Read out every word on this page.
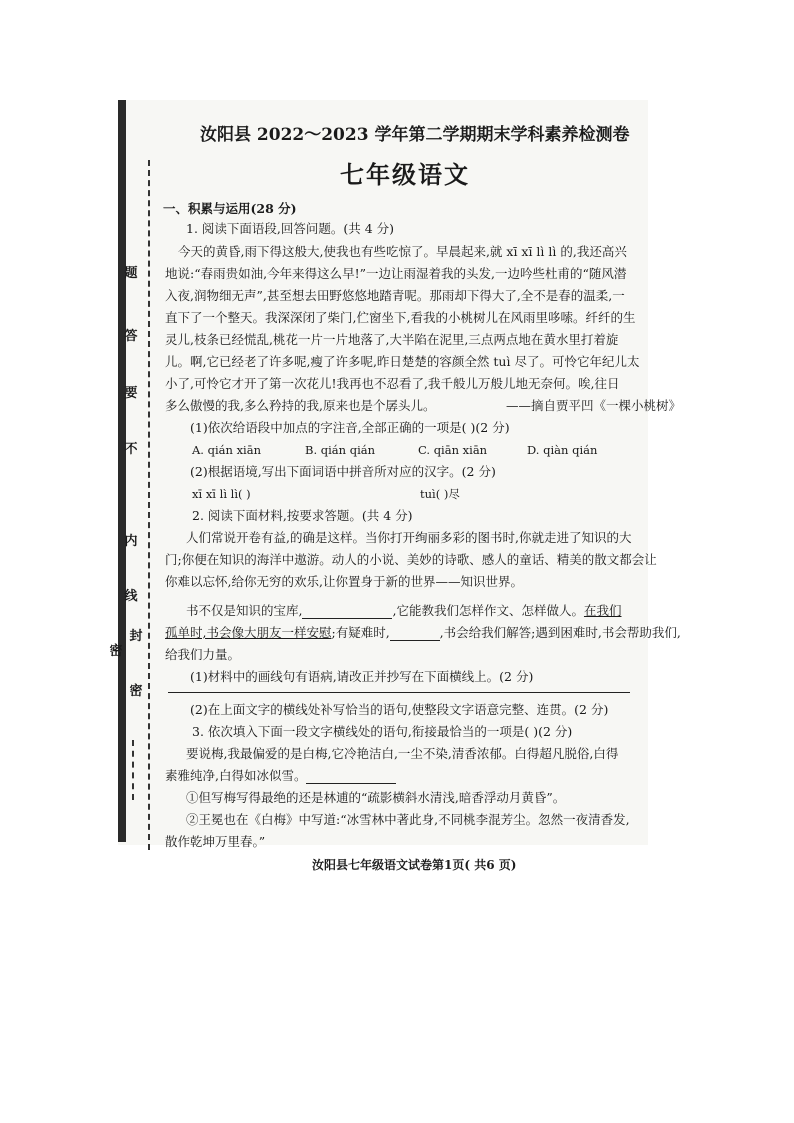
题
答
要
不
内
线
封
密
密
汝阳县 2022～2023 学年第二学期期末学科素养检测卷
七年级语文
一、积累与运用(28 分)
1. 阅读下面语段,回答问题。(共 4 分)
今天的黄昏,雨下得这般大,使我也有些吃惊了。早晨起来,就 xī xī lì lì 的,我还高兴
地说:“春雨贵如油,今年来得这么早!”一边让雨湿着我的头发,一边吟些杜甫的“随风潜
入夜,润物细无声”,甚至想去田野悠悠地踏青呢。那雨却下得大了,全不是春的温柔,一
直下了一个整天。我深深闭了柴门,伫窗坐下,看我的小桃树儿在风雨里哆嗦。纤纤的生
灵儿,枝条已经慌乱,桃花一片一片地落了,大半陷在泥里,三点两点地在黄水里打着旋
儿。啊,它已经老了许多呢,瘦了许多呢,昨日楚楚的容颜全然 tuì 尽了。可怜它年纪儿太
小了,可怜它才开了第一次花儿!我再也不忍看了,我千般儿万般儿地无奈何。唉,往日
多么傲慢的我,多么矜持的我,原来也是个孱头儿。	——摘自贾平凹《一棵小桃树》
(1)依次给语段中加点的字注音,全部正确的一项是( )(2 分)
A. qián xiān	B. qián qián	C. qiān xiān	D. qiàn qián
(2)根据语境,写出下面词语中拼音所对应的汉字。(2 分)
xī xī lì lì( )	tuì( )尽
2. 阅读下面材料,按要求答题。(共 4 分)
人们常说开卷有益,的确是这样。当你打开绚丽多彩的图书时,你就走进了知识的大
门;你便在知识的海洋中遨游。动人的小说、美妙的诗歌、感人的童话、精美的散文都会让
你难以忘怀,给你无穷的欢乐,让你置身于新的世界——知识世界。
书不仅是知识的宝库,	,它能教我们怎样作文、怎样做人。在我们
孤单时,书会像大朋友一样安慰;有疑难时,	,书会给我们解答;遇到困难时,书会帮助我们,
给我们力量。
(1)材料中的画线句有语病,请改正并抄写在下面横线上。(2 分)
(2)在上面文字的横线处补写恰当的语句,使整段文字语意完整、连贯。(2 分)
3. 依次填入下面一段文字横线处的语句,衔接最恰当的一项是( )(2 分)
要说梅,我最偏爱的是白梅,它冷艳洁白,一尘不染,清香浓郁。白得超凡脱俗,白得
素雅纯净,白得如冰似雪。
①但写梅写得最绝的还是林逋的“疏影横斜水清浅,暗香浮动月黄昏”。
②王冕也在《白梅》中写道:“冰雪林中著此身,不同桃李混芳尘。忽然一夜清香发,
散作乾坤万里春。”
汝阳县七年级语文试卷第1页( 共6 页)
